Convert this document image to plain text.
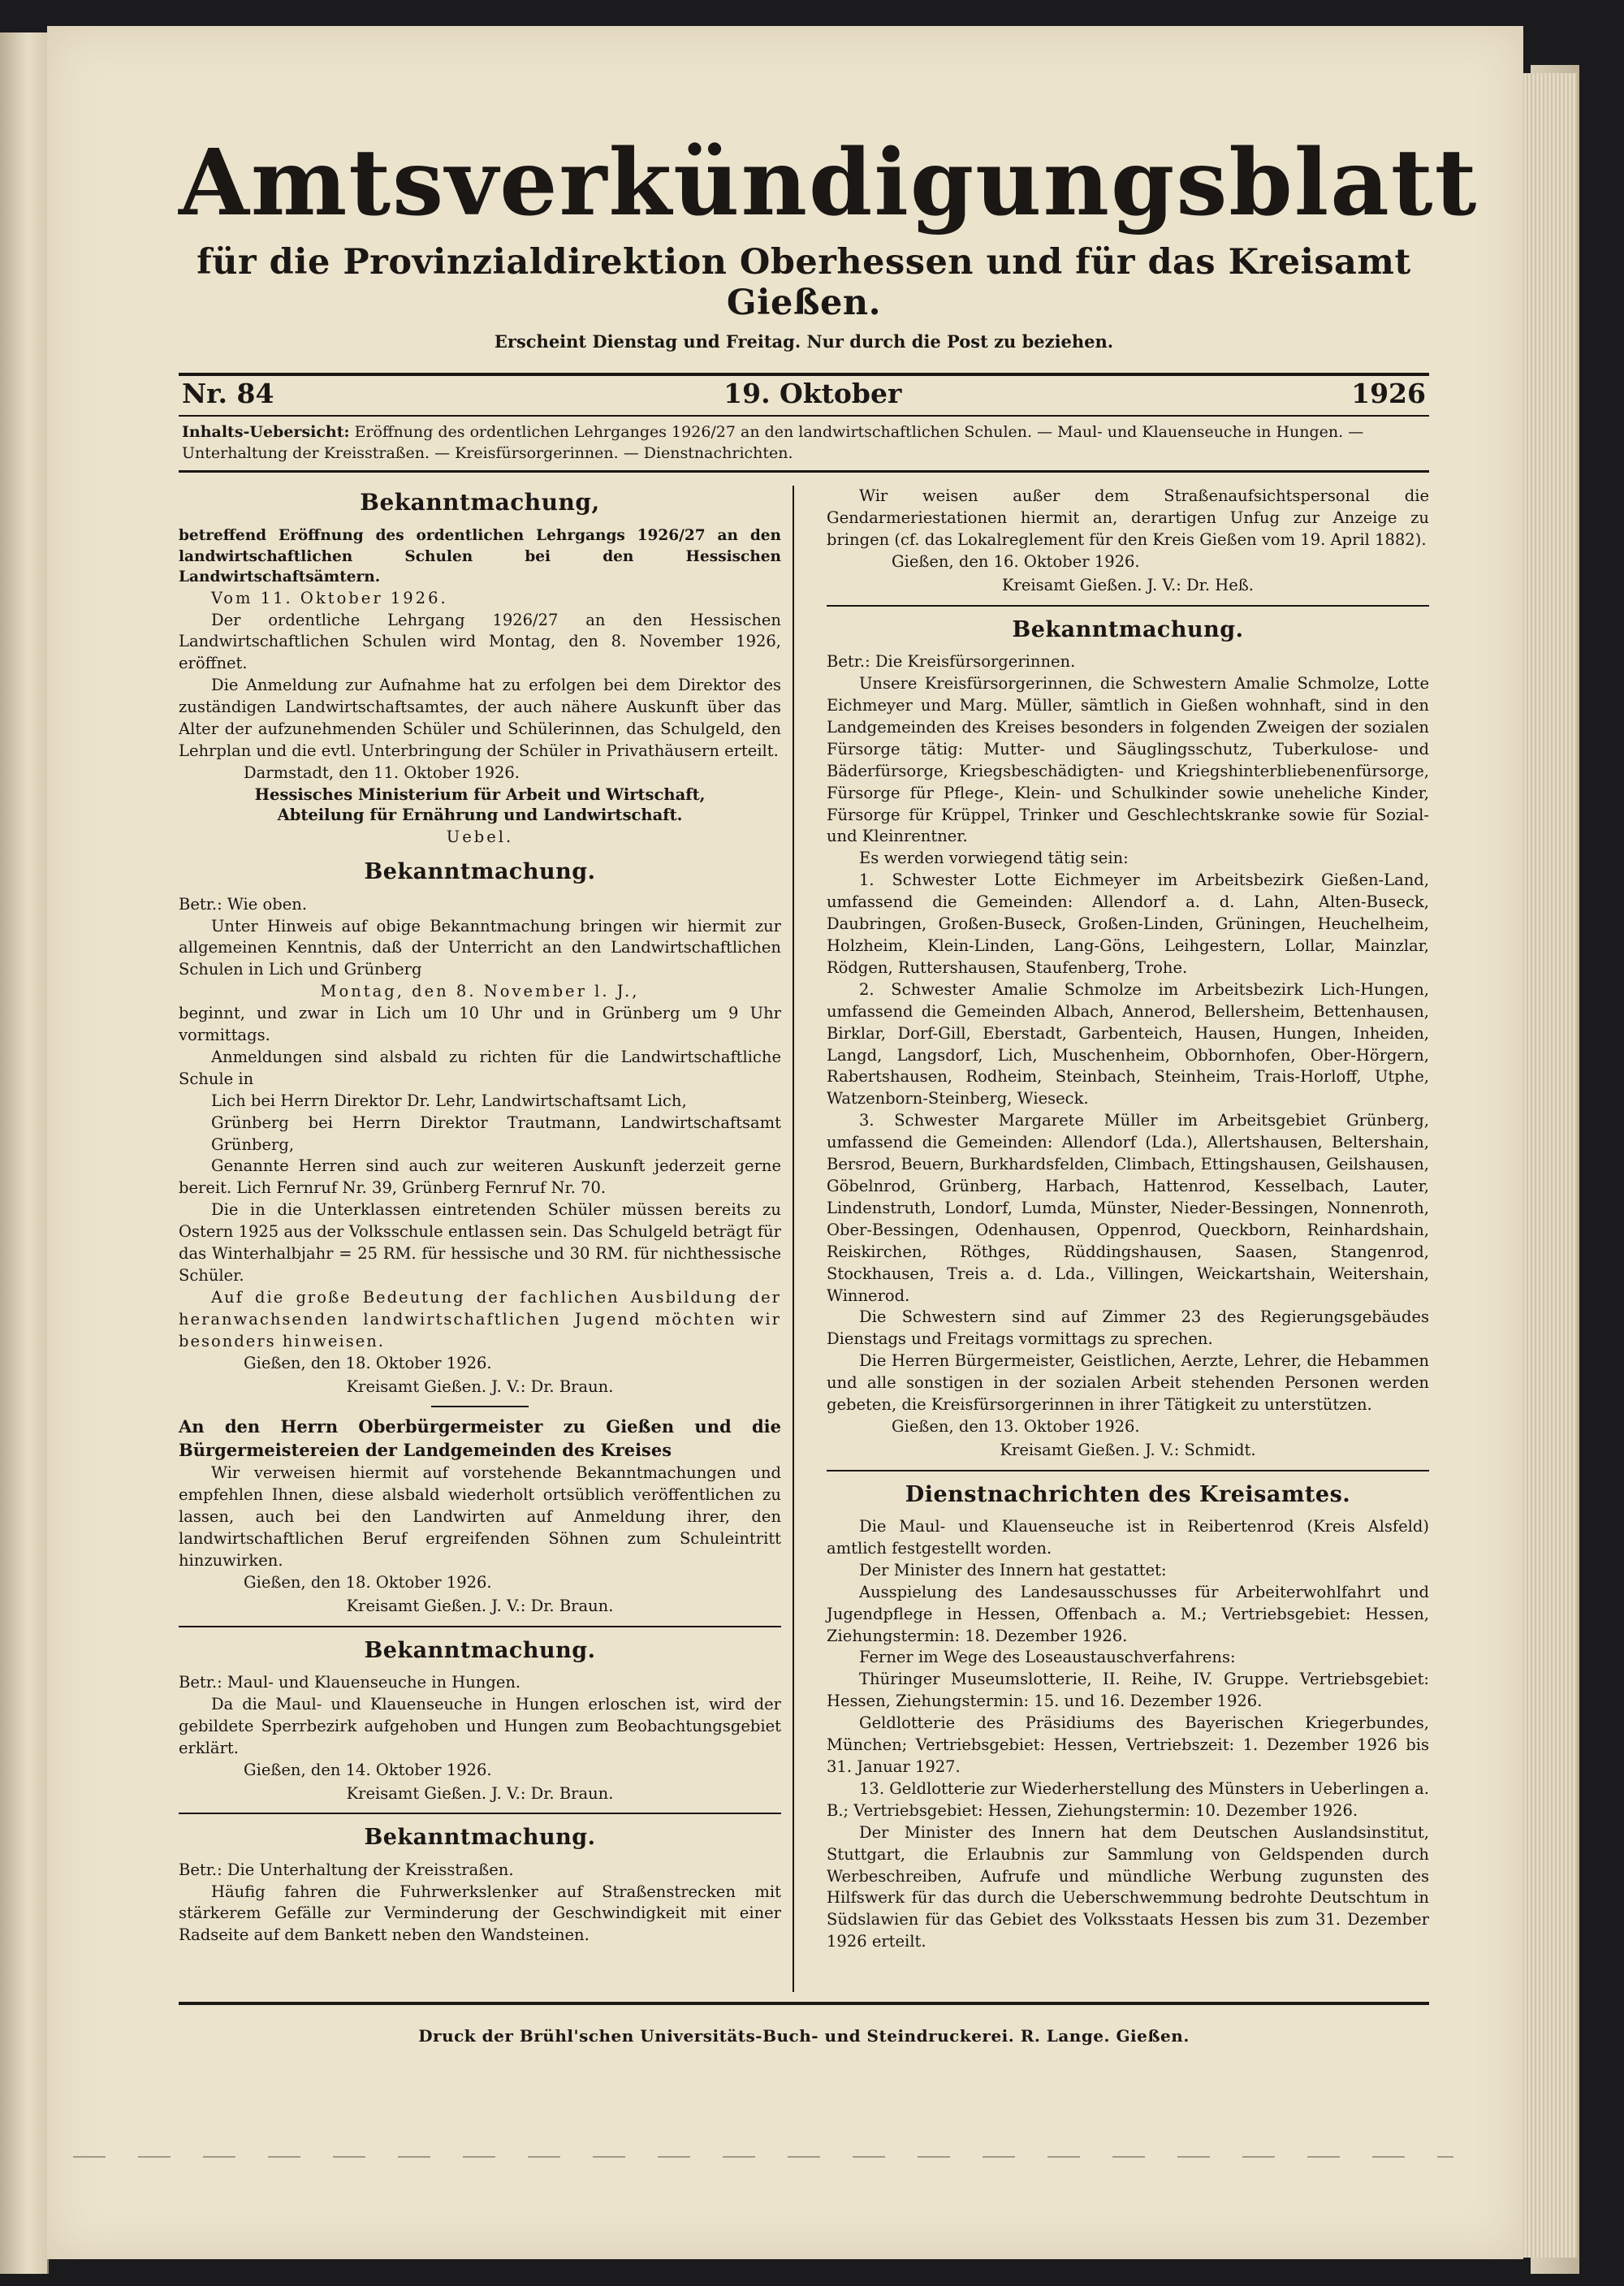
Amtsverkündigungsblatt
für die Provinzialdirektion Oberhessen und für das Kreisamt Gießen.
Erscheint Dienstag und Freitag. Nur durch die Post zu beziehen.
Nr. 84	19. Oktober	1926
Inhalts-Uebersicht: Eröffnung des ordentlichen Lehrganges 1926/27 an den landwirtschaftlichen Schulen. — Maul- und Klauenseuche in Hungen. — Unterhaltung der Kreisstraßen. — Kreisfürsorgerinnen. — Dienstnachrichten.
Bekanntmachung,

betreffend Eröffnung des ordentlichen Lehrgangs 1926/27 an den landwirtschaftlichen Schulen bei den Hessischen Landwirtschaftsämtern.

Vom 11. Oktober 1926.

Der ordentliche Lehrgang 1926/27 an den Hessischen Landwirtschaftlichen Schulen wird Montag, den 8. November 1926, eröffnet.

Die Anmeldung zur Aufnahme hat zu erfolgen bei dem Direktor des zuständigen Landwirtschaftsamtes, der auch nähere Auskunft über das Alter der aufzunehmenden Schüler und Schülerinnen, das Schulgeld, den Lehrplan und die evtl. Unterbringung der Schüler in Privathäusern erteilt.

Darmstadt, den 11. Oktober 1926.

Hessisches Ministerium für Arbeit und Wirtschaft,
Abteilung für Ernährung und Landwirtschaft.
Uebel.
Bekanntmachung.

Betr.: Wie oben.

Unter Hinweis auf obige Bekanntmachung bringen wir hiermit zur allgemeinen Kenntnis, daß der Unterricht an den Landwirtschaftlichen Schulen in Lich und Grünberg

Montag, den 8. November l. J.,

beginnt, und zwar in Lich um 10 Uhr und in Grünberg um 9 Uhr vormittags.

Anmeldungen sind alsbald zu richten für die Landwirtschaftliche Schule in

Lich bei Herrn Direktor Dr. Lehr, Landwirtschaftsamt Lich,

Grünberg bei Herrn Direktor Trautmann, Landwirtschaftsamt Grünberg,

Genannte Herren sind auch zur weiteren Auskunft jederzeit gerne bereit. Lich Fernruf Nr. 39, Grünberg Fernruf Nr. 70.

Die in die Unterklassen eintretenden Schüler müssen bereits zu Ostern 1925 aus der Volksschule entlassen sein. Das Schulgeld beträgt für das Winterhalbjahr = 25 RM. für hessische und 30 RM. für nichthessische Schüler.

Auf die große Bedeutung der fachlichen Ausbildung der heranwachsenden landwirtschaftlichen Jugend möchten wir besonders hinweisen.

Gießen, den 18. Oktober 1926.

Kreisamt Gießen. J. V.: Dr. Braun.

An den Herrn Oberbürgermeister zu Gießen und die Bürgermeistereien der Landgemeinden des Kreises

Wir verweisen hiermit auf vorstehende Bekanntmachungen und empfehlen Ihnen, diese alsbald wiederholt ortsüblich veröffentlichen zu lassen, auch bei den Landwirten auf Anmeldung ihrer, den landwirtschaftlichen Beruf ergreifenden Söhnen zum Schuleintritt hinzuwirken.

Gießen, den 18. Oktober 1926.

Kreisamt Gießen. J. V.: Dr. Braun.
Bekanntmachung.

Betr.: Maul- und Klauenseuche in Hungen.

Da die Maul- und Klauenseuche in Hungen erloschen ist, wird der gebildete Sperrbezirk aufgehoben und Hungen zum Beobachtungsgebiet erklärt.

Gießen, den 14. Oktober 1926.

Kreisamt Gießen. J. V.: Dr. Braun.
Bekanntmachung.

Betr.: Die Unterhaltung der Kreisstraßen.

Häufig fahren die Fuhrwerkslenker auf Straßenstrecken mit stärkerem Gefälle zur Verminderung der Geschwindigkeit mit einer Radseite auf dem Bankett neben den Wandsteinen.

Wir weisen außer dem Straßenaufsichtspersonal die Gendarmeriestationen hiermit an, derartigen Unfug zur Anzeige zu bringen (cf. das Lokalreglement für den Kreis Gießen vom 19. April 1882).

Gießen, den 16. Oktober 1926.

Kreisamt Gießen. J. V.: Dr. Heß.
Bekanntmachung.

Betr.: Die Kreisfürsorgerinnen.

Unsere Kreisfürsorgerinnen, die Schwestern Amalie Schmolze, Lotte Eichmeyer und Marg. Müller, sämtlich in Gießen wohnhaft, sind in den Landgemeinden des Kreises besonders in folgenden Zweigen der sozialen Fürsorge tätig: Mutter- und Säuglingsschutz, Tuberkulose- und Bäderfürsorge, Kriegsbeschädigten- und Kriegshinterbliebenenfürsorge, Fürsorge für Pflege-, Klein- und Schulkinder sowie uneheliche Kinder, Fürsorge für Krüppel, Trinker und Geschlechtskranke sowie für Sozial- und Kleinrentner.

Es werden vorwiegend tätig sein:

1. Schwester Lotte Eichmeyer im Arbeitsbezirk Gießen-Land, umfassend die Gemeinden: Allendorf a. d. Lahn, Alten-Buseck, Daubringen, Großen-Buseck, Großen-Linden, Grüningen, Heuchelheim, Holzheim, Klein-Linden, Lang-Göns, Leihgestern, Lollar, Mainzlar, Rödgen, Ruttershausen, Staufenberg, Trohe.

2. Schwester Amalie Schmolze im Arbeitsbezirk Lich-Hungen, umfassend die Gemeinden Albach, Annerod, Bellersheim, Bettenhausen, Birklar, Dorf-Gill, Eberstadt, Garbenteich, Hausen, Hungen, Inheiden, Langd, Langsdorf, Lich, Muschenheim, Obbornhofen, Ober-Hörgern, Rabertshausen, Rodheim, Steinbach, Steinheim, Trais-Horloff, Utphe, Watzenborn-Steinberg, Wieseck.

3. Schwester Margarete Müller im Arbeitsgebiet Grünberg, umfassend die Gemeinden: Allendorf (Lda.), Allertshausen, Beltershain, Bersrod, Beuern, Burkhardsfelden, Climbach, Ettingshausen, Geilshausen, Göbelnrod, Grünberg, Harbach, Hattenrod, Kesselbach, Lauter, Lindenstruth, Londorf, Lumda, Münster, Nieder-Bessingen, Nonnenroth, Ober-Bessingen, Odenhausen, Oppenrod, Queckborn, Reinhardshain, Reiskirchen, Röthges, Rüddingshausen, Saasen, Stangenrod, Stockhausen, Treis a. d. Lda., Villingen, Weickartshain, Weitershain, Winnerod.

Die Schwestern sind auf Zimmer 23 des Regierungsgebäudes Dienstags und Freitags vormittags zu sprechen.

Die Herren Bürgermeister, Geistlichen, Aerzte, Lehrer, die Hebammen und alle sonstigen in der sozialen Arbeit stehenden Personen werden gebeten, die Kreisfürsorgerinnen in ihrer Tätigkeit zu unterstützen.

Gießen, den 13. Oktober 1926.

Kreisamt Gießen. J. V.: Schmidt.
Dienstnachrichten des Kreisamtes.

Die Maul- und Klauenseuche ist in Reibertenrod (Kreis Alsfeld) amtlich festgestellt worden.

Der Minister des Innern hat gestattet:

Ausspielung des Landesausschusses für Arbeiterwohlfahrt und Jugendpflege in Hessen, Offenbach a. M.; Vertriebsgebiet: Hessen, Ziehungstermin: 18. Dezember 1926.

Ferner im Wege des Loseaustauschverfahrens:

Thüringer Museumslotterie, II. Reihe, IV. Gruppe. Vertriebsgebiet: Hessen, Ziehungstermin: 15. und 16. Dezember 1926.

Geldlotterie des Präsidiums des Bayerischen Kriegerbundes, München; Vertriebsgebiet: Hessen, Vertriebszeit: 1. Dezember 1926 bis 31. Januar 1927.

13. Geldlotterie zur Wiederherstellung des Münsters in Ueberlingen a. B.; Vertriebsgebiet: Hessen, Ziehungstermin: 10. Dezember 1926.

Der Minister des Innern hat dem Deutschen Auslandsinstitut, Stuttgart, die Erlaubnis zur Sammlung von Geldspenden durch Werbeschreiben, Aufrufe und mündliche Werbung zugunsten des Hilfswerk für das durch die Ueberschwemmung bedrohte Deutschtum in Südslawien für das Gebiet des Volksstaats Hessen bis zum 31. Dezember 1926 erteilt.

Druck der Brühl'schen Universitäts-Buch- und Steindruckerei. R. Lange. Gießen.
